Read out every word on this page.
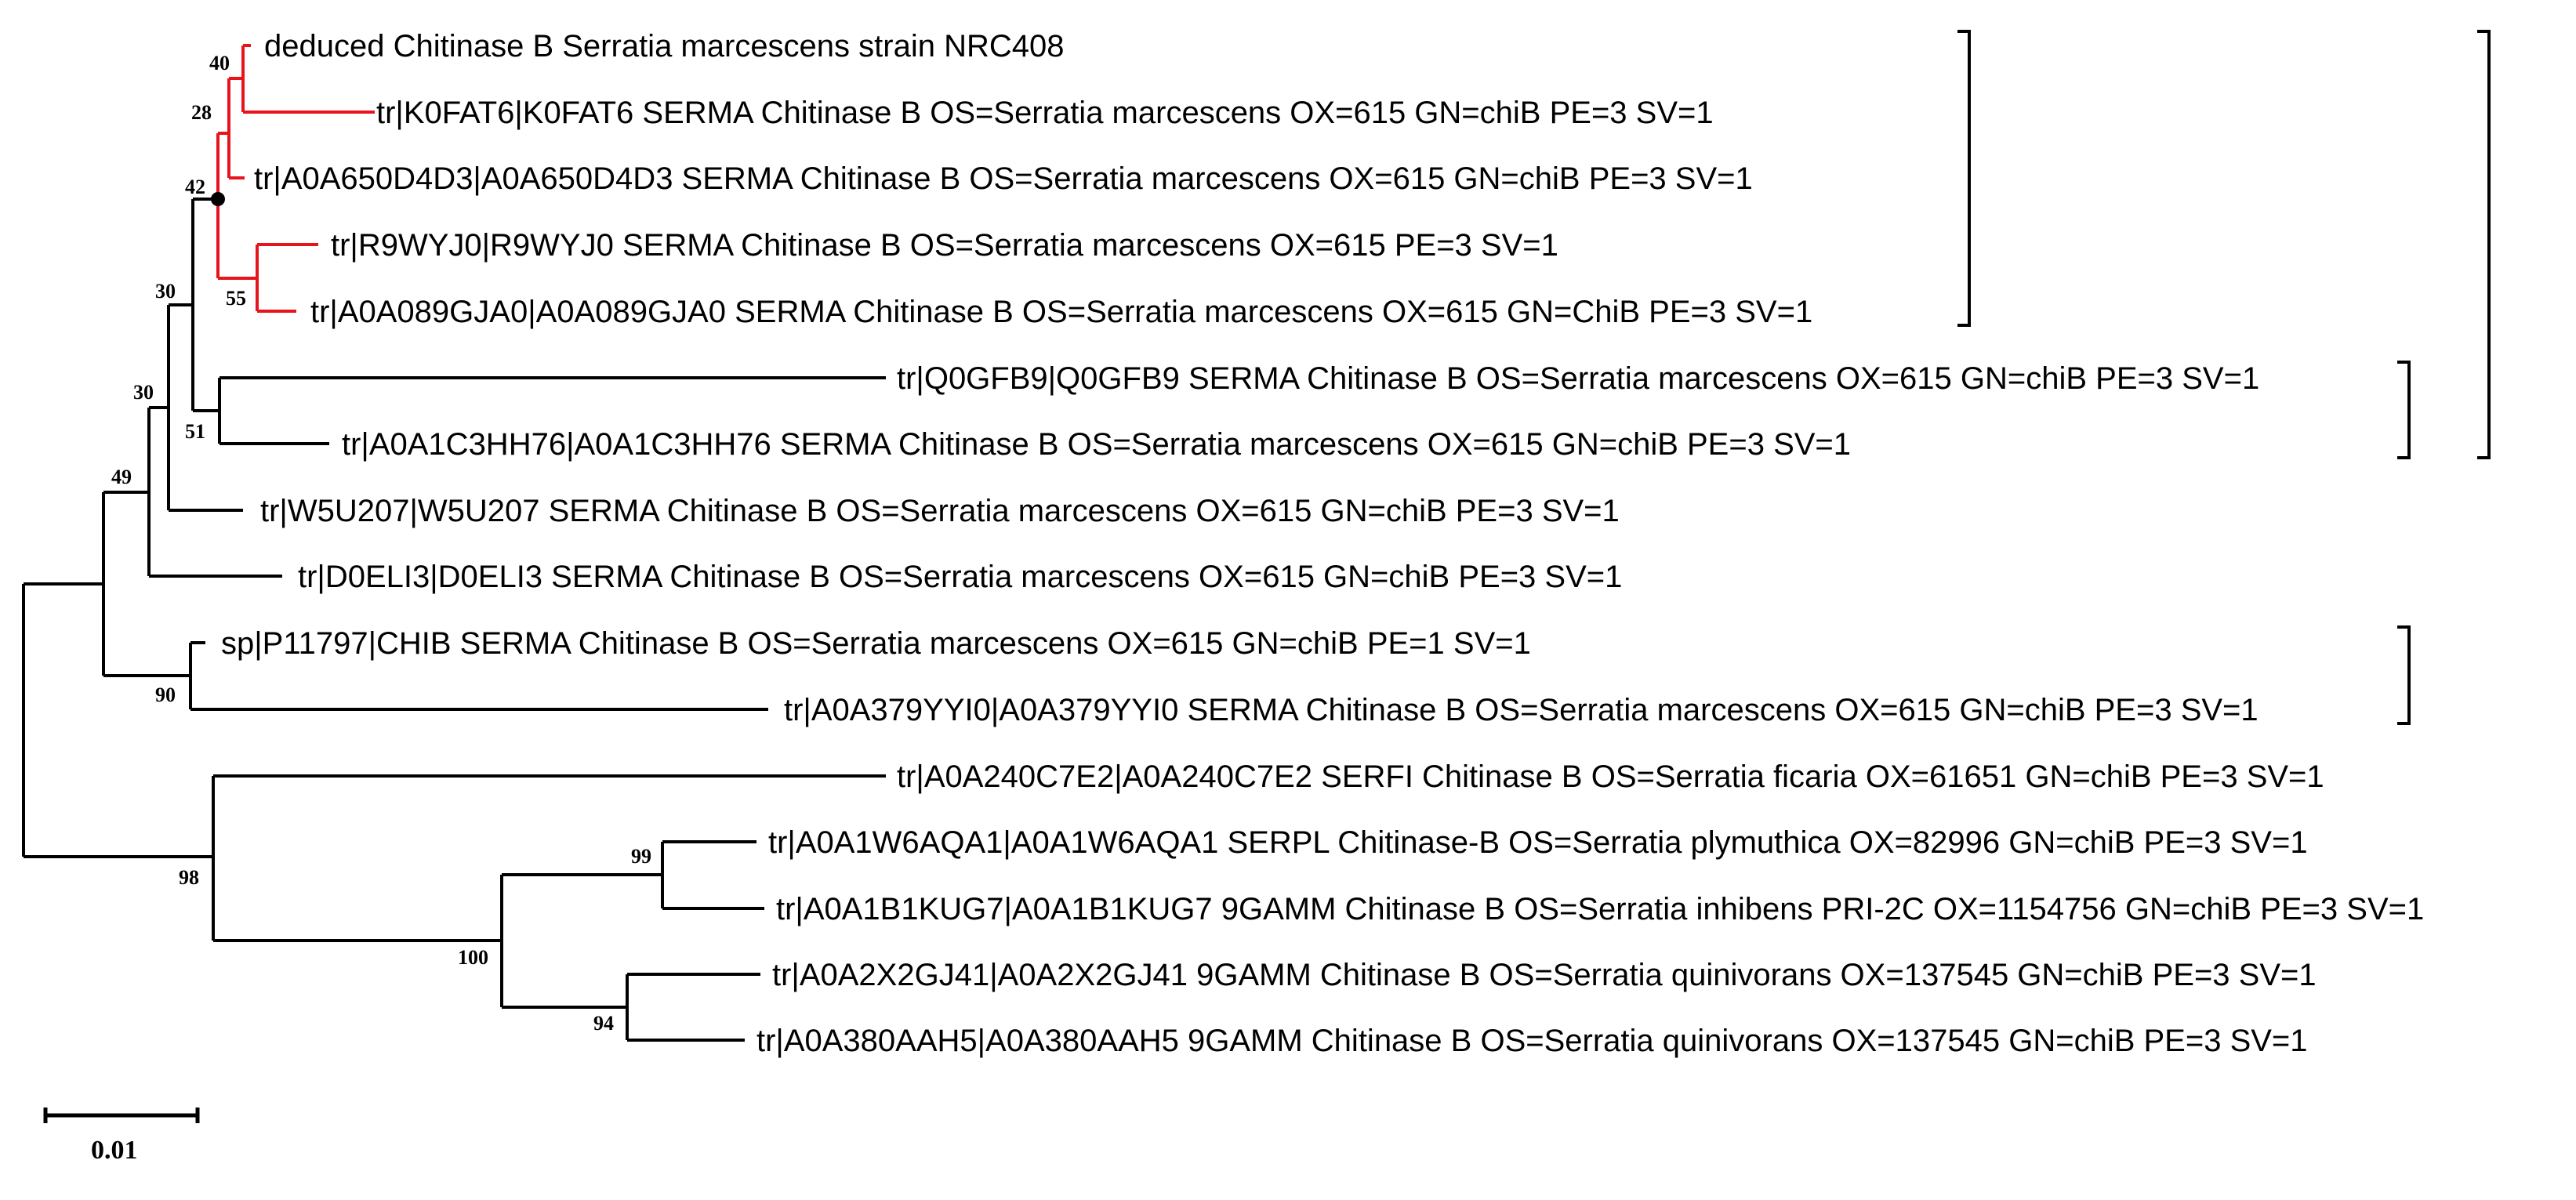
deduced Chitinase B Serratia marcescens strain NRC408
tr|K0FAT6|K0FAT6 SERMA Chitinase B OS=Serratia marcescens OX=615 GN=chiB PE=3 SV=1
tr|A0A650D4D3|A0A650D4D3 SERMA Chitinase B OS=Serratia marcescens OX=615 GN=chiB PE=3 SV=1
tr|R9WYJ0|R9WYJ0 SERMA Chitinase B OS=Serratia marcescens OX=615 PE=3 SV=1
tr|A0A089GJA0|A0A089GJA0 SERMA Chitinase B OS=Serratia marcescens OX=615 GN=ChiB PE=3 SV=1
tr|Q0GFB9|Q0GFB9 SERMA Chitinase B OS=Serratia marcescens OX=615 GN=chiB PE=3 SV=1
tr|A0A1C3HH76|A0A1C3HH76 SERMA Chitinase B OS=Serratia marcescens OX=615 GN=chiB PE=3 SV=1
tr|W5U207|W5U207 SERMA Chitinase B OS=Serratia marcescens OX=615 GN=chiB PE=3 SV=1
tr|D0ELI3|D0ELI3 SERMA Chitinase B OS=Serratia marcescens OX=615 GN=chiB PE=3 SV=1
sp|P11797|CHIB SERMA Chitinase B OS=Serratia marcescens OX=615 GN=chiB PE=1 SV=1
tr|A0A379YYI0|A0A379YYI0 SERMA Chitinase B OS=Serratia marcescens OX=615 GN=chiB PE=3 SV=1
tr|A0A240C7E2|A0A240C7E2 SERFI Chitinase B OS=Serratia ficaria OX=61651 GN=chiB PE=3 SV=1
tr|A0A1W6AQA1|A0A1W6AQA1 SERPL Chitinase-B OS=Serratia plymuthica OX=82996 GN=chiB PE=3 SV=1
tr|A0A1B1KUG7|A0A1B1KUG7 9GAMM Chitinase B OS=Serratia inhibens PRI-2C OX=1154756 GN=chiB PE=3 SV=1
tr|A0A2X2GJ41|A0A2X2GJ41 9GAMM Chitinase B OS=Serratia quinivorans OX=137545 GN=chiB PE=3 SV=1
tr|A0A380AAH5|A0A380AAH5 9GAMM Chitinase B OS=Serratia quinivorans OX=137545 GN=chiB PE=3 SV=1
40
28
42
55
30
51
30
49
90
98
99
100
94
0.01
